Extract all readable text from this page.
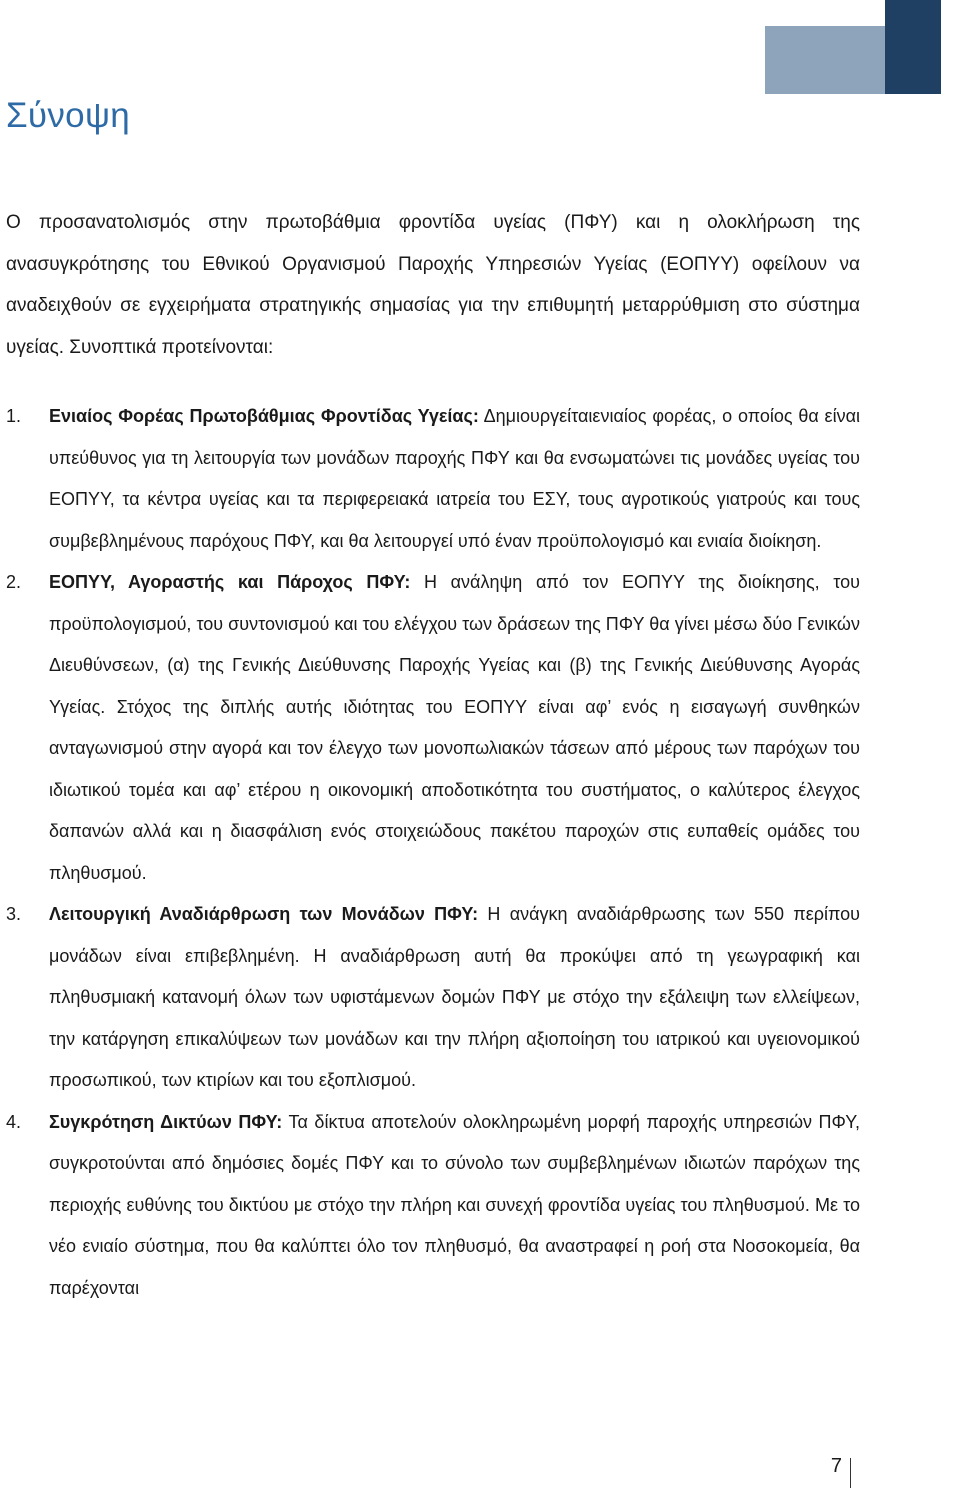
Σύνοψη

Ο προσανατολισμός στην πρωτοβάθμια φροντίδα υγείας (ΠΦΥ) και η ολοκλήρωση της ανασυγκρότησης του Εθνικού Οργανισμού Παροχής Υπηρεσιών Υγείας (ΕΟΠΥΥ) οφείλουν να αναδειχθούν σε εγχειρήματα στρατηγικής σημασίας για την επιθυμητή μεταρρύθμιση στο σύστημα υγείας. Συνοπτικά προτείνονται:

1. Ενιαίος Φορέας Πρωτοβάθμιας Φροντίδας Υγείας: Δημιουργείταιενιαίος φορέας, ο οποίος θα είναι υπεύθυνος για τη λειτουργία των μονάδων παροχής ΠΦΥ και θα ενσωματώνει τις μονάδες υγείας του ΕΟΠΥΥ, τα κέντρα υγείας και τα περιφερειακά ιατρεία του ΕΣΥ, τους αγροτικούς γιατρούς και τους συμβεβλημένους παρόχους ΠΦΥ, και θα λειτουργεί υπό έναν προϋπολογισμό και ενιαία διοίκηση.
2. ΕΟΠΥΥ, Αγοραστής και Πάροχος ΠΦΥ: Η ανάληψη από τον ΕΟΠΥΥ της διοίκησης, του προϋπολογισμού, του συντονισμού και του ελέγχου των δράσεων της ΠΦΥ θα γίνει μέσω δύο Γενικών Διευθύνσεων, (α) της Γενικής Διεύθυνσης Παροχής Υγείας και (β) της Γενικής Διεύθυνσης Αγοράς Υγείας. Στόχος της διπλής αυτής ιδιότητας του ΕΟΠΥΥ είναι αφ’ ενός η εισαγωγή συνθηκών ανταγωνισμού στην αγορά και τον έλεγχο των μονοπωλιακών τάσεων από μέρους των παρόχων του ιδιωτικού τομέα και αφ’ ετέρου η οικονομική αποδοτικότητα του συστήματος, ο καλύτερος έλεγχος δαπανών αλλά και η διασφάλιση ενός στοιχειώδους πακέτου παροχών στις ευπαθείς ομάδες του πληθυσμού.
3. Λειτουργική Αναδιάρθρωση των Μονάδων ΠΦΥ: Η ανάγκη αναδιάρθρωσης των 550 περίπου μονάδων είναι επιβεβλημένη. Η αναδιάρθρωση αυτή θα προκύψει από τη γεωγραφική και πληθυσμιακή κατανομή όλων των υφιστάμενων δομών ΠΦΥ με στόχο την εξάλειψη των ελλείψεων, την κατάργηση επικαλύψεων των μονάδων και την πλήρη αξιοποίηση του ιατρικού και υγειονομικού προσωπικού, των κτιρίων και του εξοπλισμού.
4. Συγκρότηση Δικτύων ΠΦΥ: Τα δίκτυα αποτελούν ολοκληρωμένη μορφή παροχής υπηρεσιών ΠΦΥ, συγκροτούνται από δημόσιες δομές ΠΦΥ και το σύνολο των συμβεβλημένων ιδιωτών παρόχων της περιοχής ευθύνης του δικτύου με στόχο την πλήρη και συνεχή φροντίδα υγείας του πληθυσμού. Με το νέο ενιαίο σύστημα, που θα καλύπτει όλο τον πληθυσμό, θα αναστραφεί η ροή στα Νοσοκομεία, θα παρέχονται
7
